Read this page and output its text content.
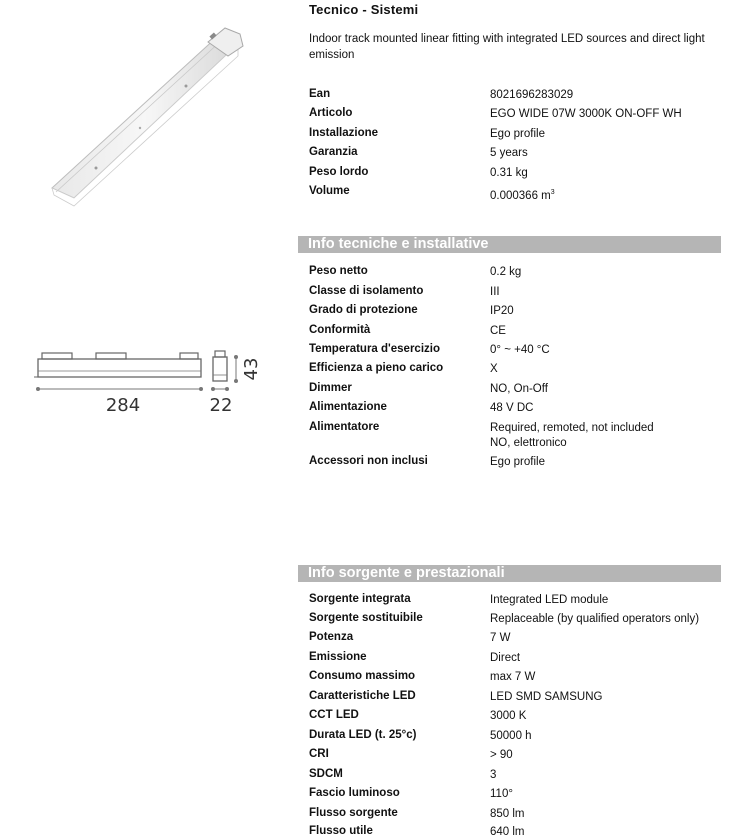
284	22
43
Tecnico - Sistemi
Indoor track mounted linear fitting with integrated LED sources and direct light emission
Ean	8021696283029
Articolo	EGO WIDE 07W 3000K ON-OFF WH
Installazione	Ego profile
Garanzia	5 years
Peso lordo	0.31 kg
Volume	0.000366 $m^3$
Info tecniche e installative
Peso netto	0.2 kg
Classe di isolamento	III
Grado di protezione	IP20
Conformità	CE
Temperatura d'esercizio	0° ~ +40 °C
Efficienza a pieno carico	X
Dimmer	NO, On-Off
Alimentazione	48 V DC
Alimentatore	Required, remoted, not included
NO, elettronico
Accessori non inclusi	Ego profile
Info sorgente e prestazionali
Sorgente integrata	Integrated LED module
Sorgente sostituibile	Replaceable (by qualified operators only)
Potenza	7 W
Emissione	Direct
Consumo massimo	max 7 W
Caratteristiche LED	LED SMD SAMSUNG
CCT LED	3000 K
Durata LED (t. 25°c)	50000 h
CRI	> 90
SDCM	3
Fascio luminoso	110°
Flusso sorgente	850 lm
Flusso utile	640 lm
